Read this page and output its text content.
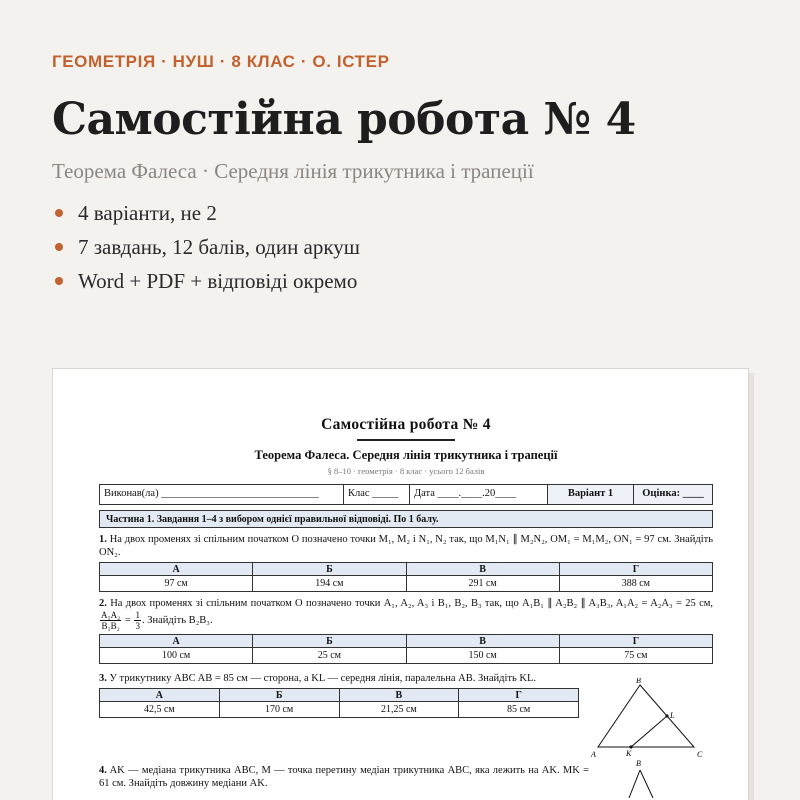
ГЕОМЕТРІЯ · НУШ · 8 КЛАС · О. ІСТЕР
Самостійна робота № 4
Теорема Фалеса · Середня лінія трикутника і трапеції
4 варіанти, не 2
7 завдань, 12 балів, один аркуш
Word + PDF + відповіді окремо
Самостійна робота № 4
Теорема Фалеса. Середня лінія трикутника і трапеції
§ 8–10 · геометрія · 8 клас · усього 12 балів
Виконав(ла) ______________________________	Клас _____	Дата ____.____.20____	Варіант 1	Оцінка: ____
Частина 1. Завдання 1–4 з вибором однієї правильної відповіді. По 1 балу.
1. На двох променях зі спільним початком O позначено точки M₁, M₂ і N₁, N₂ так, що M₁N₁ ∥ M₂N₂, OM₁ = M₁M₂, ON₁ = 97 см. Знайдіть ON₂.
А	Б	В	Г
97 см	194 см	291 см	388 см
2. На двох променях зі спільним початком O позначено точки A₁, A₂, A₃ і B₁, B₂, B₃ так, що A₁B₁ ∥ A₂B₂ ∥ A₃B₃, A₁A₂ = A₂A₃ = 25 см,
$\frac{\text{A₁A₂}}{\text{B₁B₂}} = \frac{1}{3}$ . Знайдіть B₂B₃.
А	Б	В	Г
100 см	25 см	150 см	75 см
3. У трикутнику ABC AB = 85 см — сторона, а KL — середня лінія, паралельна AB. Знайдіть KL.
А	Б	В	Г
42,5 см	170 см	21,25 см	85 см
B
L
A	K	C
4. AK — медіана трикутника ABC, M — точка перетину медіан трикутника ABC, яка лежить на AK. MK = 61 см. Знайдіть довжину медіани AK.
B
